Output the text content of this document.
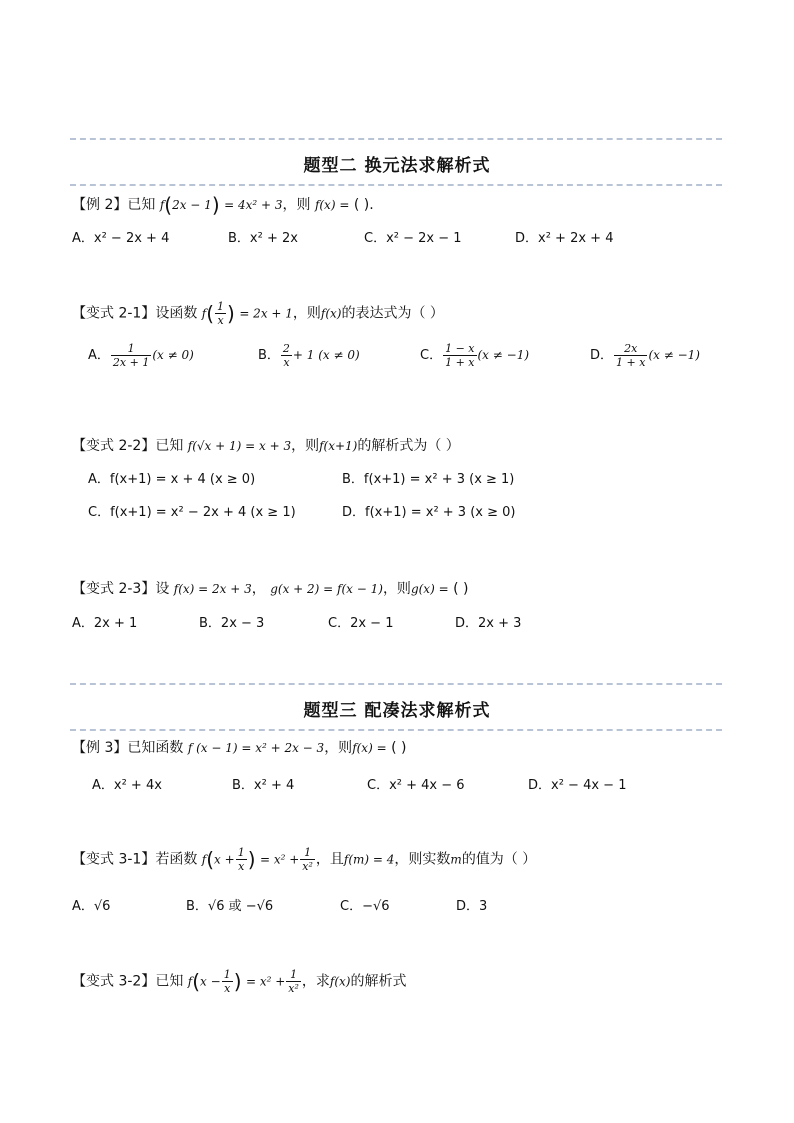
题型二 换元法求解析式
【例 2】已知 f(2x − 1) = 4x² + 3，则 f(x) = ( ).
A．x² − 2x + 4	B．x² + 2x	C．x² − 2x − 1	D．x² + 2x + 4
【变式 2-1】设函数 $f( \frac{1}{x}$ ) = 2x + 1，则f(x)的表达式为（ ）
A． $\frac{1}{2x + 1} (x \ne 0)$	B． $\frac{2}{x} + 1$ (x ≠ 0)	C． $\frac{1 - x}{1 + x} (x \ne -1)$	D． $\frac{2x}{1 + x} (x \ne -1)$
【变式 2-2】已知 f(√x + 1) = x + 3，则f(x+1)的解析式为（ ）
A．f(x+1) = x + 4 (x ≥ 0)	B．f(x+1) = x² + 3 (x ≥ 1)
C．f(x+1) = x² − 2x + 4 (x ≥ 1)	D．f(x+1) = x² + 3 (x ≥ 0)
【变式 2-3】设 f(x) = 2x + 3， g(x + 2) = f(x − 1)，则g(x) = ( )
A．2x + 1	B．2x − 3	C．2x − 1	D．2x + 3
题型三 配凑法求解析式
【例 3】已知函数 f (x − 1) = x² + 2x − 3，则f(x) = ( )
A．x² + 4x	B．x² + 4	C．x² + 4x − 6	D．x² − 4x − 1
【变式 3-1】若函数 $f(x + \frac{1}{x}$ ) = $x^2 + \frac{1}{\text{x²}}$ ，且f(m) = 4，则实数m的值为（ ）
A．√6	B．√6 或 −√6	C．−√6	D．3
【变式 3-2】已知 $f(x - \frac{1}{x}$ ) = $x^2 + \frac{1}{\text{x²}}$ ，求f(x)的解析式
